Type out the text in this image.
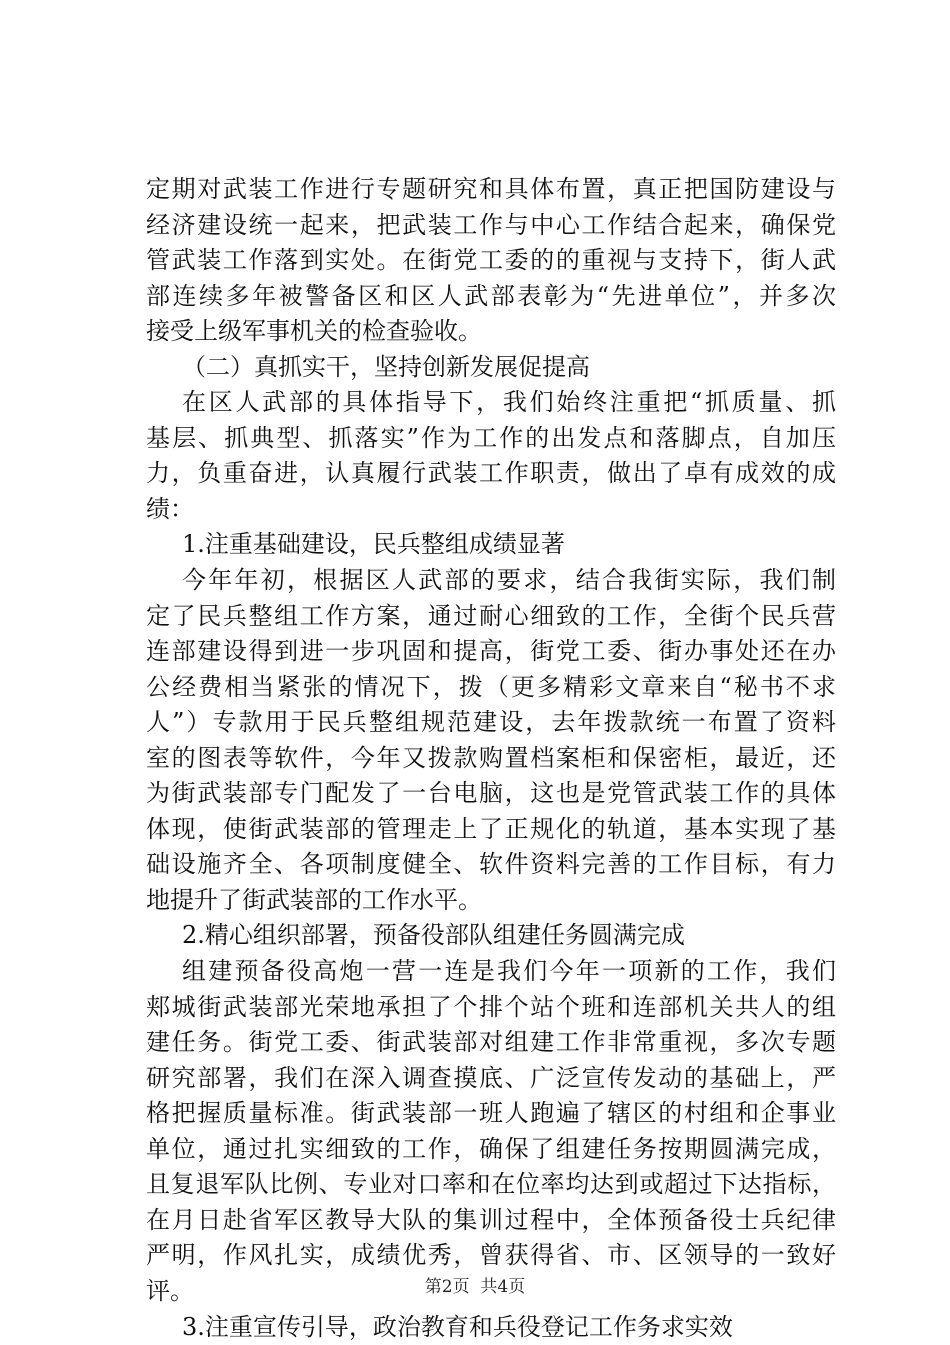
定期对武装工作进行专题研究和具体布置，真正把国防建设与
经济建设统一起来，把武装工作与中心工作结合起来，确保党
管武装工作落到实处。在街党工委的的重视与支持下，街人武
部连续多年被警备区和区人武部表彰为“先进单位”，并多次
接受上级军事机关的检查验收。
（二）真抓实干，坚持创新发展促提高
在区人武部的具体指导下，我们始终注重把“抓质量、抓
基层、抓典型、抓落实”作为工作的出发点和落脚点，自加压
力，负重奋进，认真履行武装工作职责，做出了卓有成效的成
绩：
1.注重基础建设，民兵整组成绩显著
今年年初，根据区人武部的要求，结合我街实际，我们制
定了民兵整组工作方案，通过耐心细致的工作，全街个民兵营
连部建设得到进一步巩固和提高，街党工委、街办事处还在办
公经费相当紧张的情况下，拨（更多精彩文章来自“秘书不求
人”）专款用于民兵整组规范建设，去年拨款统一布置了资料
室的图表等软件，今年又拨款购置档案柜和保密柜，最近，还
为街武装部专门配发了一台电脑，这也是党管武装工作的具体
体现，使街武装部的管理走上了正规化的轨道，基本实现了基
础设施齐全、各项制度健全、软件资料完善的工作目标，有力
地提升了街武装部的工作水平。
2.精心组织部署，预备役部队组建任务圆满完成
组建预备役高炮一营一连是我们今年一项新的工作，我们
郏城街武装部光荣地承担了个排个站个班和连部机关共人的组
建任务。街党工委、街武装部对组建工作非常重视，多次专题
研究部署，我们在深入调查摸底、广泛宣传发动的基础上，严
格把握质量标准。街武装部一班人跑遍了辖区的村组和企事业
单位，通过扎实细致的工作，确保了组建任务按期圆满完成，
且复退军队比例、专业对口率和在位率均达到或超过下达指标，
在月日赴省军区教导大队的集训过程中，全体预备役士兵纪律
严明，作风扎实，成绩优秀，曾获得省、市、区领导的一致好
评。
3.注重宣传引导，政治教育和兵役登记工作务求实效
第2页  共4页
